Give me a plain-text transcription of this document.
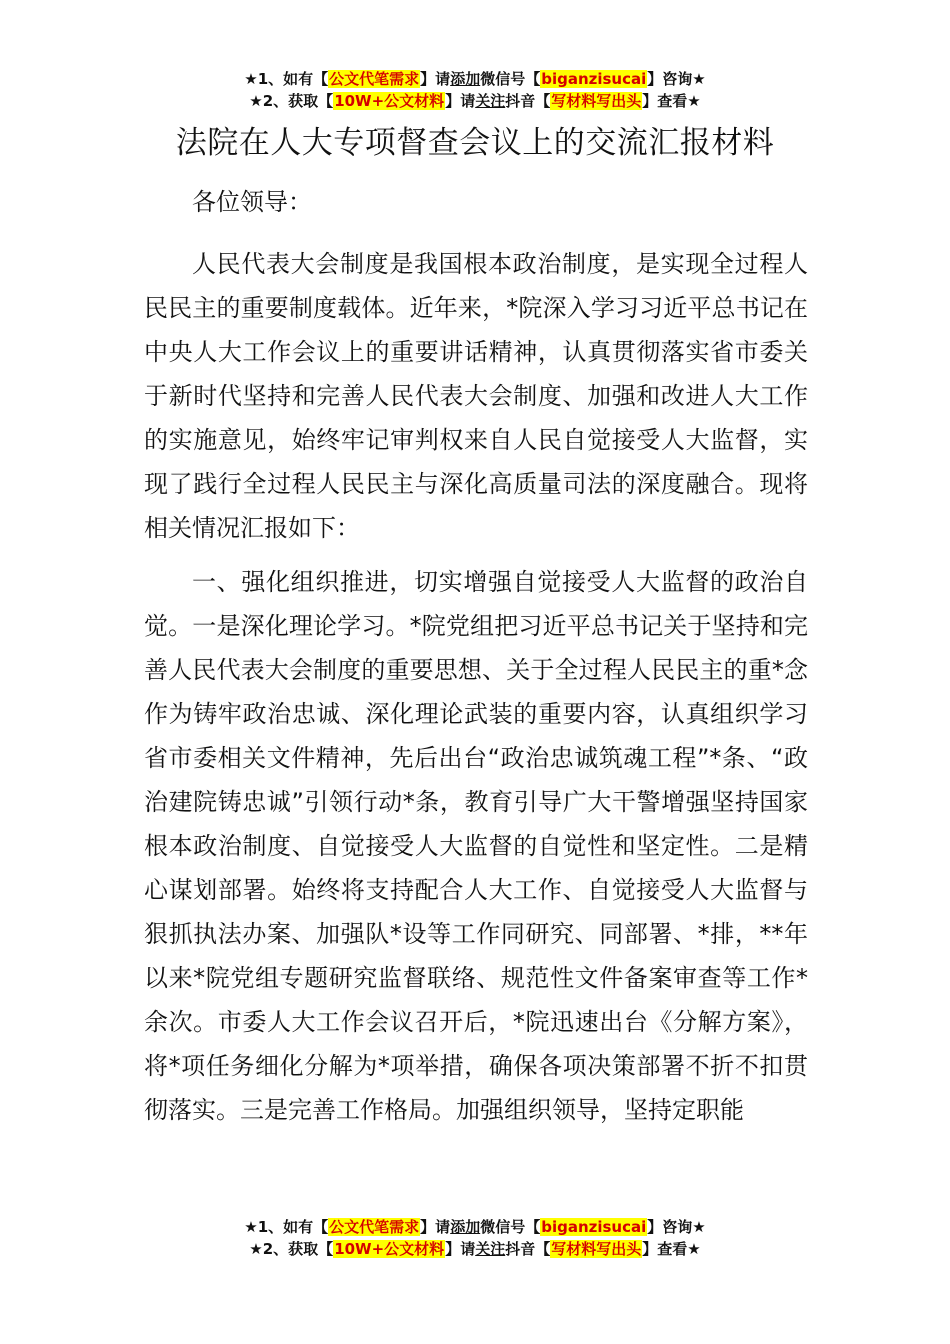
★1、如有【公文代笔需求】请添加微信号【biganzisucai】咨询★
★2、获取【10W+公文材料】请关注抖音【写材料写出头】查看★
法院在人大专项督查会议上的交流汇报材料

各位领导：

人民代表大会制度是我国根本政治制度，是实现全过程人民民主的重要制度载体。近年来，*院深入学习习近平总书记在中央人大工作会议上的重要讲话精神，认真贯彻落实省市委关于新时代坚持和完善人民代表大会制度、加强和改进人大工作的实施意见，始终牢记审判权来自人民自觉接受人大监督，实现了践行全过程人民民主与深化高质量司法的深度融合。现将相关情况汇报如下：

一、强化组织推进，切实增强自觉接受人大监督的政治自觉。一是深化理论学习。*院党组把习近平总书记关于坚持和完善人民代表大会制度的重要思想、关于全过程人民民主的重*念作为铸牢政治忠诚、深化理论武装的重要内容，认真组织学习省市委相关文件精神，先后出台“政治忠诚筑魂工程”*条、“政治建院铸忠诚”引领行动*条，教育引导广大干警增强坚持国家根本政治制度、自觉接受人大监督的自觉性和坚定性。二是精心谋划部署。始终将支持配合人大工作、自觉接受人大监督与狠抓执法办案、加强队*设等工作同研究、同部署、*排，**年以来*院党组专题研究监督联络、规范性文件备案审查等工作*余次。市委人大工作会议召开后，*院迅速出台《分解方案》，将*项任务细化分解为*项举措，确保各项决策部署不折不扣贯彻落实。三是完善工作格局。加强组织领导，坚持定职能

★1、如有【公文代笔需求】请添加微信号【biganzisucai】咨询★
★2、获取【10W+公文材料】请关注抖音【写材料写出头】查看★
